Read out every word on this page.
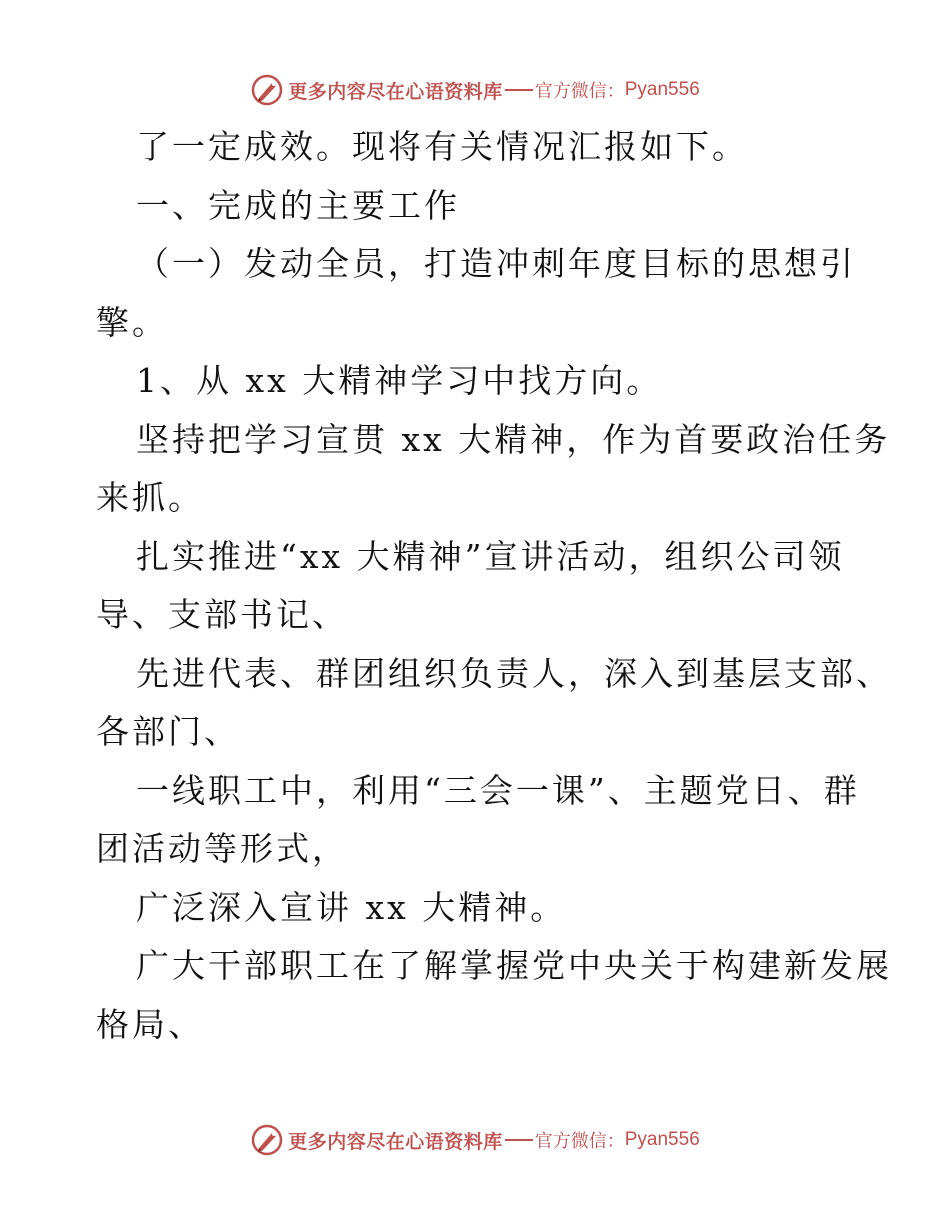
更多内容尽在心语资料库 官方微信： Pyan556
了一定成效。现将有关情况汇报如下。
一、完成的主要工作
（一）发动全员，打造冲刺年度目标的思想引
擎。
1、从 xx 大精神学习中找方向。
坚持把学习宣贯 xx 大精神，作为首要政治任务
来抓。
扎实推进“xx 大精神”宣讲活动，组织公司领
导、支部书记、
先进代表、群团组织负责人，深入到基层支部、
各部门、
一线职工中，利用“三会一课”、主题党日、群
团活动等形式，
广泛深入宣讲 xx 大精神。
广大干部职工在了解掌握党中央关于构建新发展
格局、
更多内容尽在心语资料库 官方微信： Pyan556
